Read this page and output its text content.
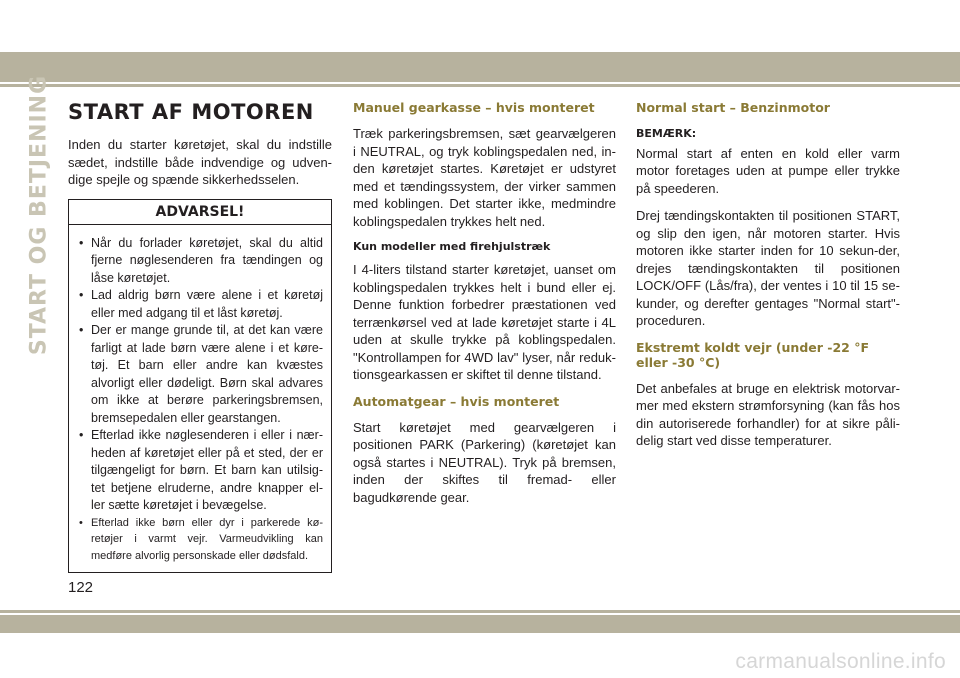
START OG BETJENING START AF MOTOREN

Inden du starter køretøjet, skal du indstille sædet, indstille både indvendige og udven-dige spejle og spænde sikkerhedsselen.

ADVARSEL!
• Når du forlader køretøjet, skal du altid fjerne nøglesenderen fra tændingen og låse køretøjet.
• Lad aldrig børn være alene i et køretøj eller med adgang til et låst køretøj.
• Der er mange grunde til, at det kan være farligt at lade børn være alene i et køre-tøj. Et barn eller andre kan kvæstes alvorligt eller dødeligt. Børn skal advares om ikke at berøre parkeringsbremsen, bremsepedalen eller gearstangen.
• Efterlad ikke nøglesenderen i eller i nær-heden af køretøjet eller på et sted, der er tilgængeligt for børn. Et barn kan utilsig-tet betjene elruderne, andre knapper el-ler sætte køretøjet i bevægelse.
• Efterlad ikke børn eller dyr i parkerede kø-retøjer i varmt vejr. Varmeudvikling kan medføre alvorlig personskade eller dødsfald.
Manuel gearkasse – hvis monteret

Træk parkeringsbremsen, sæt gearvælgeren i NEUTRAL, og tryk koblingspedalen ned, in-den køretøjet startes. Køretøjet er udstyret med et tændingssystem, der virker sammen med koblingen. Det starter ikke, medmindre koblingspedalen trykkes helt ned.

Kun modeller med firehjulstræk

I 4-liters tilstand starter køretøjet, uanset om koblingspedalen trykkes helt i bund eller ej. Denne funktion forbedrer præstationen ved terrænkørsel ved at lade køretøjet starte i 4L uden at skulle trykke på koblingspedalen. "Kontrollampen for 4WD lav" lyser, når reduk-tionsgearkassen er skiftet til denne tilstand.

Automatgear – hvis monteret

Start køretøjet med gearvælgeren i positionen PARK (Parkering) (køretøjet kan også startes i NEUTRAL). Tryk på bremsen, inden der skiftes til fremad- eller bagudkørende gear.

Normal start – Benzinmotor

BEMÆRK:
Normal start af enten en kold eller varm motor foretages uden at pumpe eller trykke på speederen.

Drej tændingskontakten til positionen START, og slip den igen, når motoren starter. Hvis motoren ikke starter inden for 10 sekun-der, drejes tændingskontakten til positionen LOCK/OFF (Lås/fra), der ventes i 10 til 15 se-kunder, og derefter gentages "Normal start"-proceduren.

Ekstremt koldt vejr (under -22 °F eller -30 °C)

Det anbefales at bruge en elektrisk motorvar-mer med ekstern strømforsyning (kan fås hos din autoriserede forhandler) for at sikre påli-delig start ved disse temperaturer.

122
carmanualsonline.info
